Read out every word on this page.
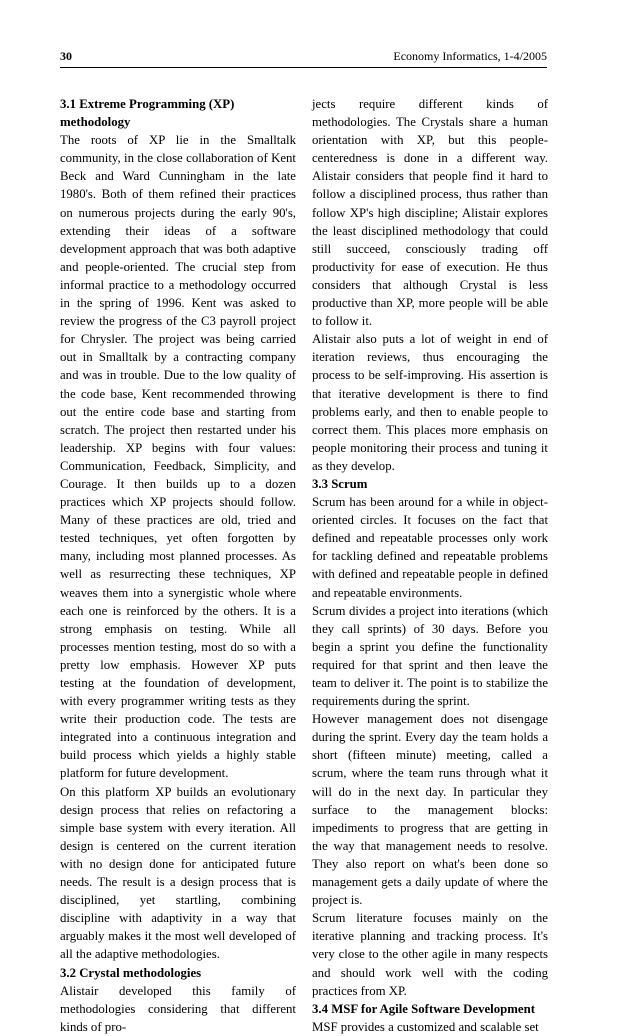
30	Economy Informatics, 1-4/2005
3.1 Extreme Programming (XP) methodology

The roots of XP lie in the Smalltalk community, in the close collaboration of Kent Beck and Ward Cunningham in the late 1980's. Both of them refined their practices on numerous projects during the early 90's, extending their ideas of a software development approach that was both adaptive and people-oriented. The crucial step from informal practice to a methodology occurred in the spring of 1996. Kent was asked to review the progress of the C3 payroll project for Chrysler. The project was being carried out in Smalltalk by a contracting company and was in trouble. Due to the low quality of the code base, Kent recommended throwing out the entire code base and starting from scratch. The project then restarted under his leadership. XP begins with four values: Communication, Feedback, Simplicity, and Courage. It then builds up to a dozen practices which XP projects should follow. Many of these practices are old, tried and tested techniques, yet often forgotten by many, including most planned processes. As well as resurrecting these techniques, XP weaves them into a synergistic whole where each one is reinforced by the others. It is a strong emphasis on testing. While all processes mention testing, most do so with a pretty low emphasis. However XP puts testing at the foundation of development, with every programmer writing tests as they write their production code. The tests are integrated into a continuous integration and build process which yields a highly stable platform for future development.

On this platform XP builds an evolutionary design process that relies on refactoring a simple base system with every iteration. All design is centered on the current iteration with no design done for anticipated future needs. The result is a design process that is disciplined, yet startling, combining discipline with adaptivity in a way that arguably makes it the most well developed of all the adaptive methodologies.

3.2 Crystal methodologies

Alistair developed this family of methodologies considering that different kinds of pro-

jects require different kinds of methodologies. The Crystals share a human orientation with XP, but this people-centeredness is done in a different way. Alistair considers that people find it hard to follow a disciplined process, thus rather than follow XP's high discipline; Alistair explores the least disciplined methodology that could still succeed, consciously trading off productivity for ease of execution. He thus considers that although Crystal is less productive than XP, more people will be able to follow it.

Alistair also puts a lot of weight in end of iteration reviews, thus encouraging the process to be self-improving. His assertion is that iterative development is there to find problems early, and then to enable people to correct them. This places more emphasis on people monitoring their process and tuning it as they develop.

3.3 Scrum

Scrum has been around for a while in object-oriented circles. It focuses on the fact that defined and repeatable processes only work for tackling defined and repeatable problems with defined and repeatable people in defined and repeatable environments.

Scrum divides a project into iterations (which they call sprints) of 30 days. Before you begin a sprint you define the functionality required for that sprint and then leave the team to deliver it. The point is to stabilize the requirements during the sprint.

However management does not disengage during the sprint. Every day the team holds a short (fifteen minute) meeting, called a scrum, where the team runs through what it will do in the next day. In particular they surface to the management blocks: impediments to progress that are getting in the way that management needs to resolve. They also report on what's been done so management gets a daily update of where the project is.

Scrum literature focuses mainly on the iterative planning and tracking process. It's very close to the other agile in many respects and should work well with the coding practices from XP.

3.4 MSF for Agile Software Development

MSF provides a customized and scalable set
